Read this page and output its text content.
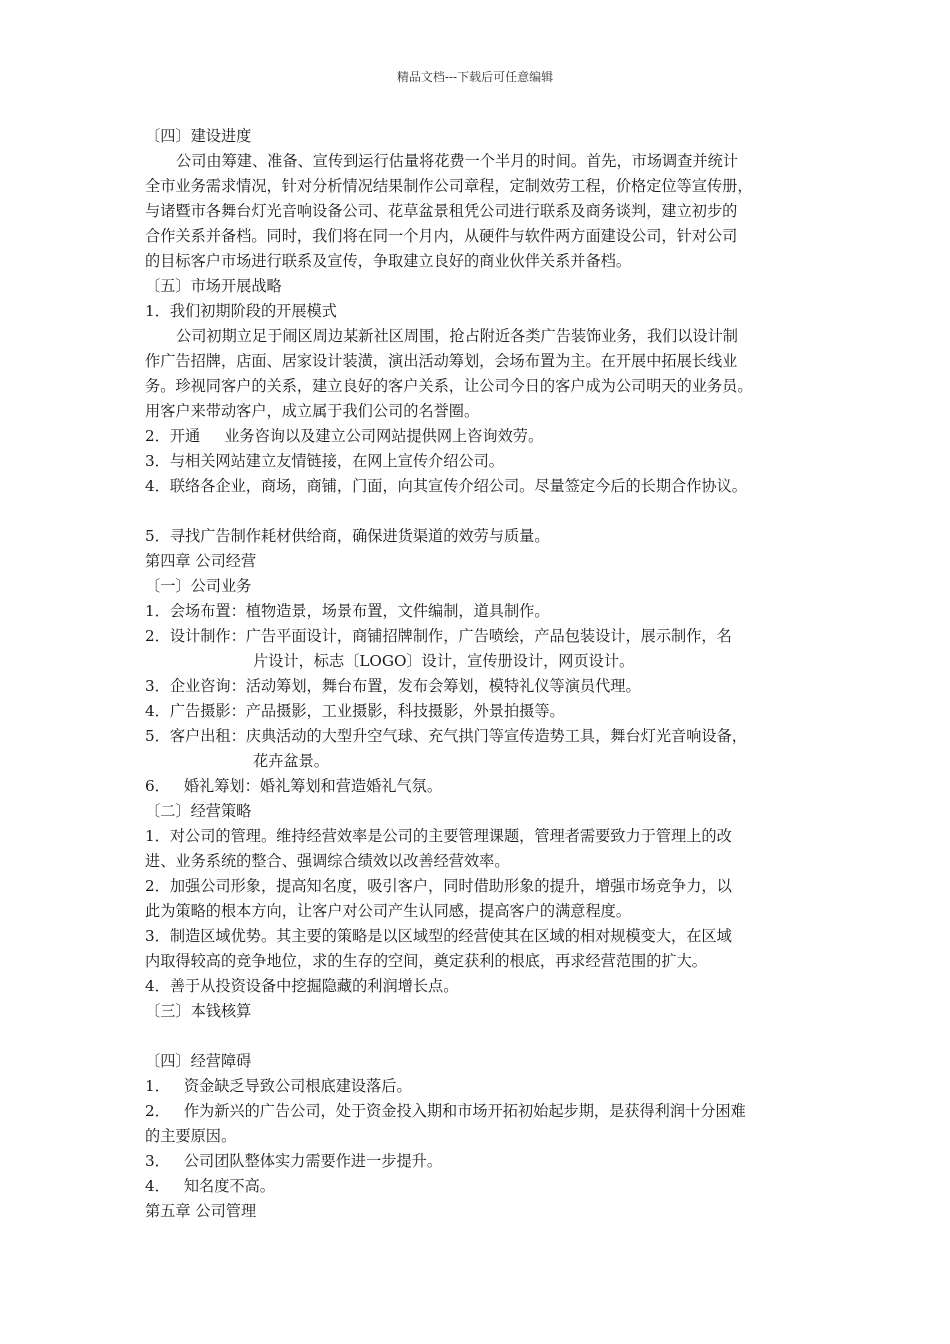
精品文档---下载后可任意编辑
〔四〕建设进度
公司由筹建、准备、宣传到运行估量将花费一个半月的时间。首先，市场调查并统计
全市业务需求情况，针对分析情况结果制作公司章程，定制效劳工程，价格定位等宣传册，
与诸暨市各舞台灯光音响设备公司、花草盆景租凭公司进行联系及商务谈判，建立初步的
合作关系并备档。同时，我们将在同一个月内，从硬件与软件两方面建设公司，针对公司
的目标客户市场进行联系及宣传，争取建立良好的商业伙伴关系并备档。
〔五〕市场开展战略
1．我们初期阶段的开展模式
公司初期立足于闹区周边某新社区周围，抢占附近各类广告装饰业务，我们以设计制
作广告招牌，店面、居家设计装潢，演出活动筹划，会场布置为主。在开展中拓展长线业
务。珍视同客户的关系，建立良好的客户关系，让公司今日的客户成为公司明天的业务员。
用客户来带动客户，成立属于我们公司的名誉圈。
2．开通 业务咨询以及建立公司网站提供网上咨询效劳。
3．与相关网站建立友情链接，在网上宣传介绍公司。
4．联络各企业，商场，商铺，门面，向其宣传介绍公司。尽量签定今后的长期合作协议。
5．寻找广告制作耗材供给商，确保进货渠道的效劳与质量。
第四章 公司经营
〔一〕公司业务
1．会场布置：植物造景，场景布置，文件编制，道具制作。
2．设计制作：广告平面设计，商铺招牌制作，广告喷绘，产品包装设计，展示制作，名
片设计，标志〔LOGO〕设计，宣传册设计，网页设计。
3．企业咨询：活动筹划，舞台布置，发布会筹划，模特礼仪等演员代理。
4．广告摄影：产品摄影，工业摄影，科技摄影，外景拍摄等。
5．客户出租：庆典活动的大型升空气球、充气拱门等宣传造势工具，舞台灯光音响设备，
花卉盆景。
6． 婚礼筹划：婚礼筹划和营造婚礼气氛。
〔二〕经营策略
1．对公司的管理。维持经营效率是公司的主要管理课题，管理者需要致力于管理上的改
进、业务系统的整合、强调综合绩效以改善经营效率。
2．加强公司形象，提高知名度，吸引客户，同时借助形象的提升，增强市场竞争力，以
此为策略的根本方向，让客户对公司产生认同感，提高客户的满意程度。
3．制造区域优势。其主要的策略是以区域型的经营使其在区域的相对规模变大，在区域
内取得较高的竞争地位，求的生存的空间，奠定获利的根底，再求经营范围的扩大。
4．善于从投资设备中挖掘隐藏的利润增长点。
〔三〕本钱核算
〔四〕经营障碍
1． 资金缺乏导致公司根底建设落后。
2． 作为新兴的广告公司，处于资金投入期和市场开拓初始起步期，是获得利润十分困难
的主要原因。
3． 公司团队整体实力需要作进一步提升。
4． 知名度不高。
第五章 公司管理
